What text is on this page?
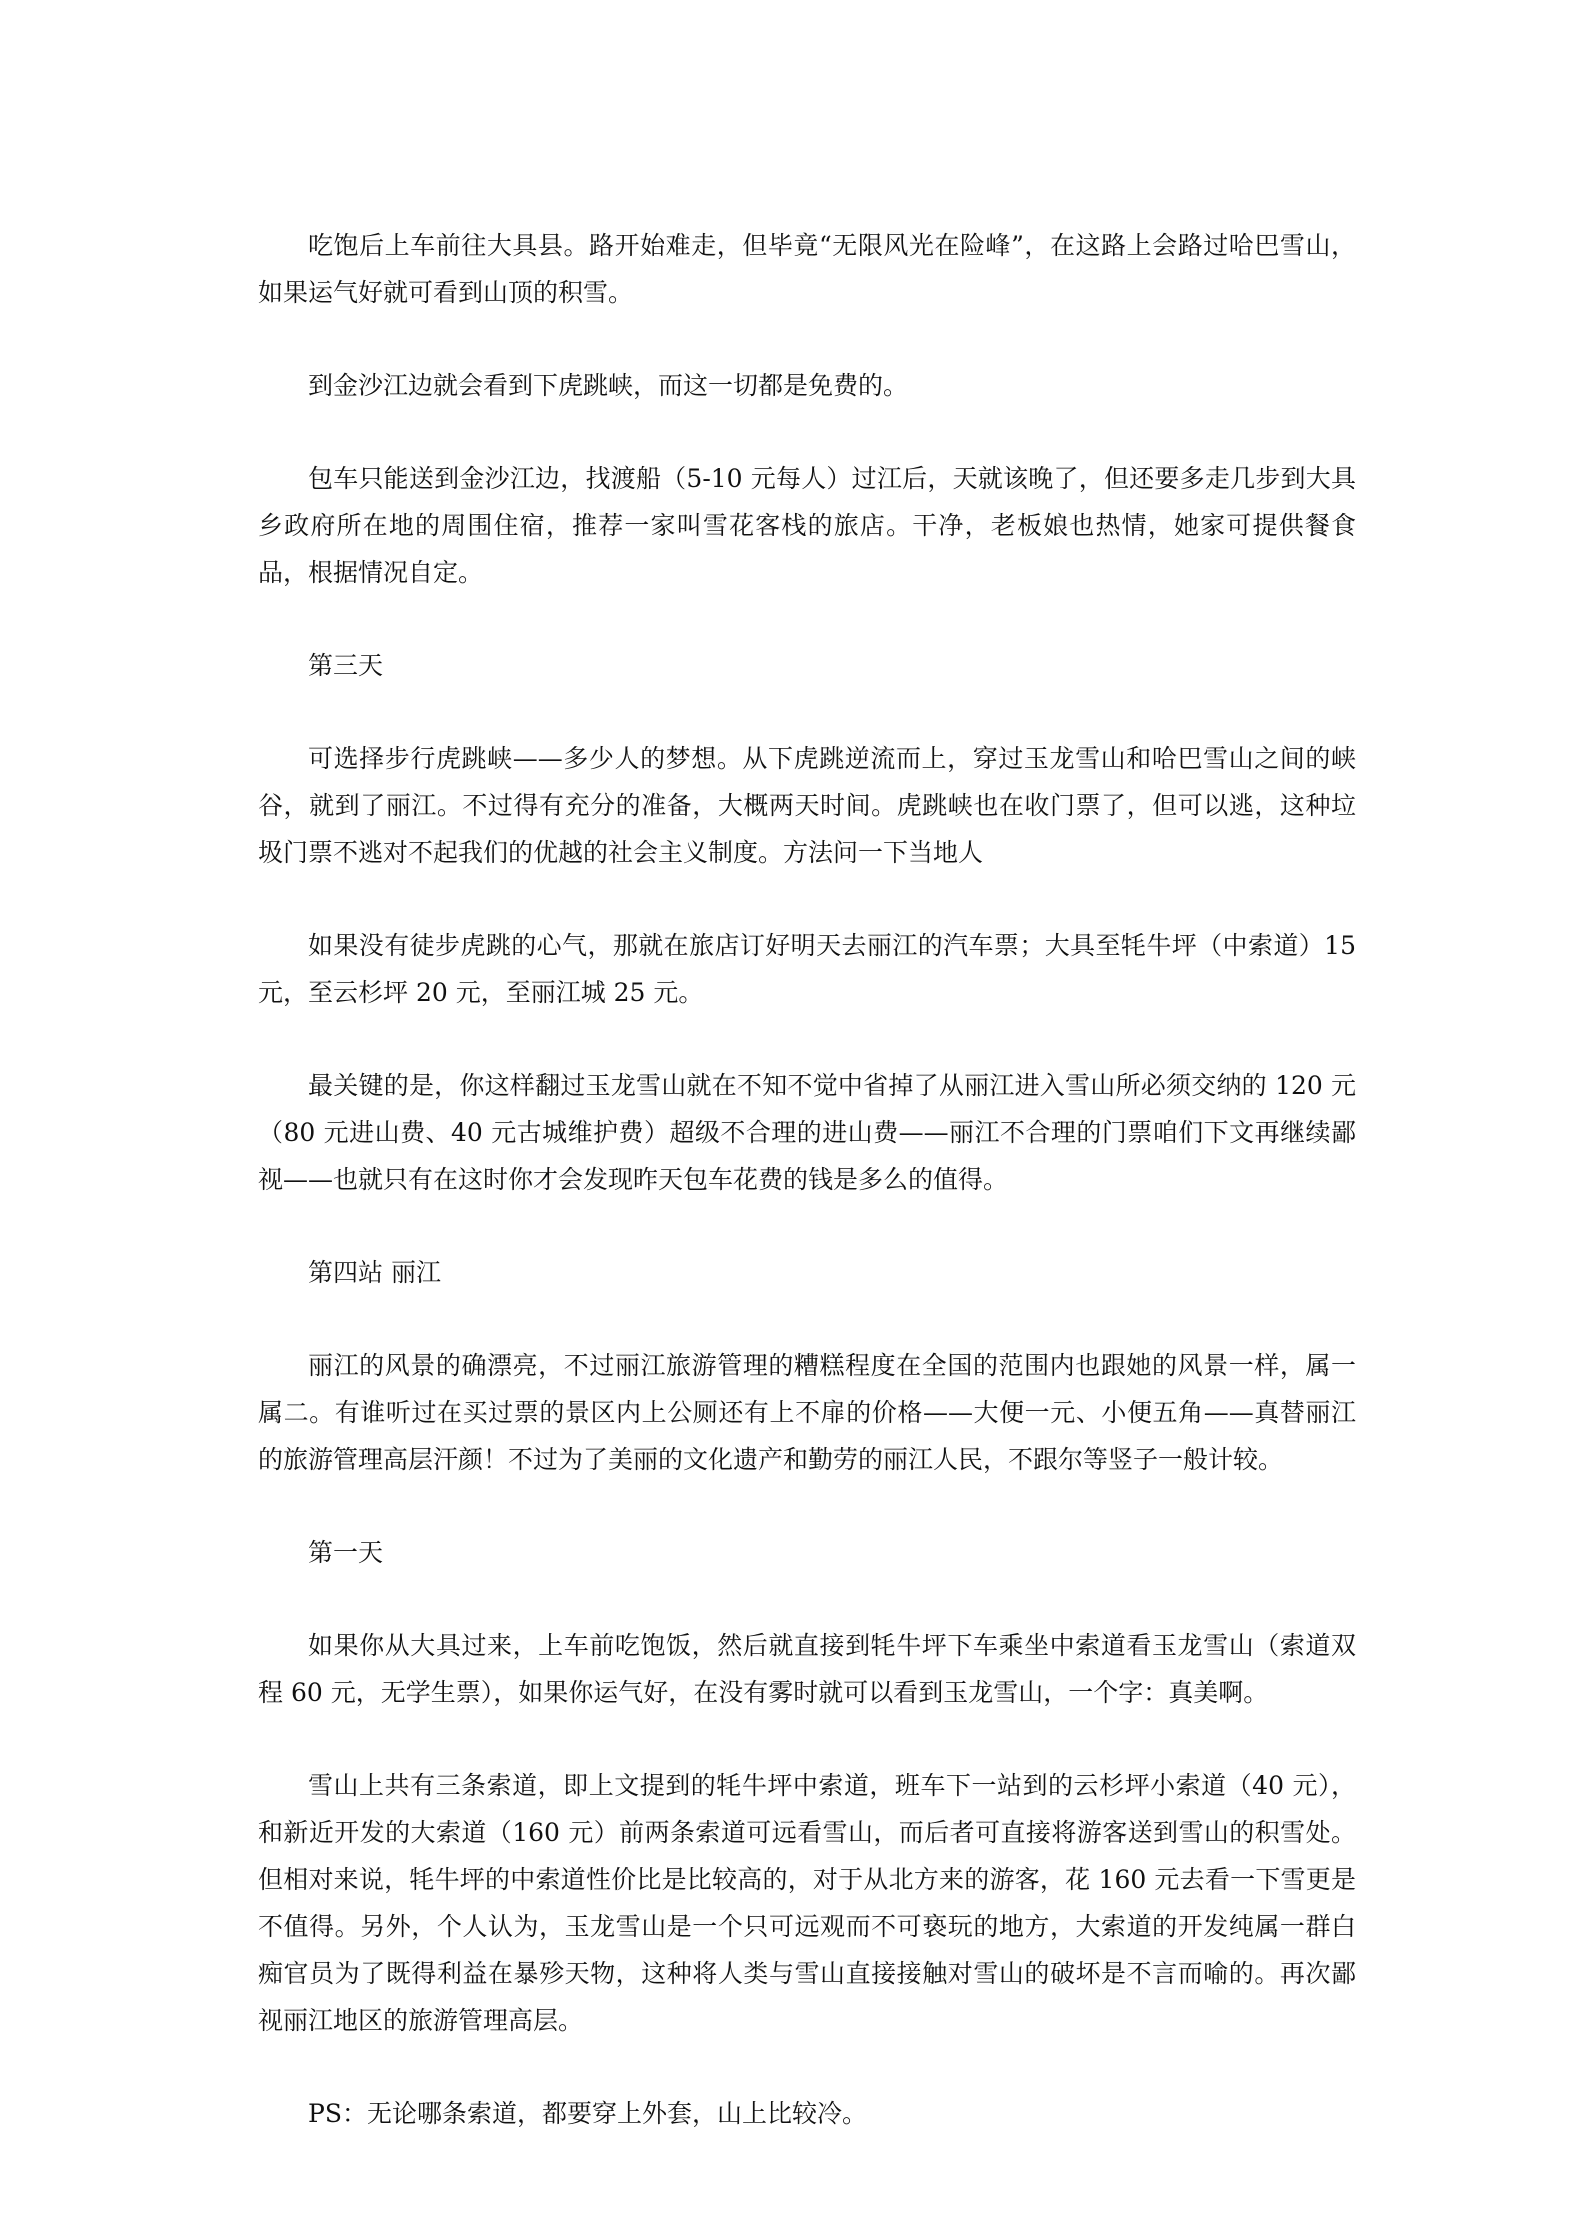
吃饱后上车前往大具县。路开始难走，但毕竟“无限风光在险峰”，在这路上会路过哈巴雪山，如果运气好就可看到山顶的积雪。

到金沙江边就会看到下虎跳峡，而这一切都是免费的。

包车只能送到金沙江边，找渡船（5-10 元每人）过江后，天就该晚了，但还要多走几步到大具乡政府所在地的周围住宿，推荐一家叫雪花客栈的旅店。干净，老板娘也热情，她家可提供餐食品，根据情况自定。

第三天

可选择步行虎跳峡——多少人的梦想。从下虎跳逆流而上，穿过玉龙雪山和哈巴雪山之间的峡谷，就到了丽江。不过得有充分的准备，大概两天时间。虎跳峡也在收门票了，但可以逃，这种垃圾门票不逃对不起我们的优越的社会主义制度。方法问一下当地人

如果没有徒步虎跳的心气，那就在旅店订好明天去丽江的汽车票；大具至牦牛坪（中索道）15 元，至云杉坪 20 元，至丽江城 25 元。

最关键的是，你这样翻过玉龙雪山就在不知不觉中省掉了从丽江进入雪山所必须交纳的 120 元（80 元进山费、40 元古城维护费）超级不合理的进山费——丽江不合理的门票咱们下文再继续鄙视——也就只有在这时你才会发现昨天包车花费的钱是多么的值得。

第四站 丽江

丽江的风景的确漂亮，不过丽江旅游管理的糟糕程度在全国的范围内也跟她的风景一样，属一属二。有谁听过在买过票的景区内上公厕还有上不扉的价格——大便一元、小便五角——真替丽江的旅游管理高层汗颜！不过为了美丽的文化遗产和勤劳的丽江人民，不跟尔等竖子一般计较。

第一天

如果你从大具过来，上车前吃饱饭，然后就直接到牦牛坪下车乘坐中索道看玉龙雪山（索道双程 60 元，无学生票），如果你运气好，在没有雾时就可以看到玉龙雪山，一个字：真美啊。

雪山上共有三条索道，即上文提到的牦牛坪中索道，班车下一站到的云杉坪小索道（40 元），和新近开发的大索道（160 元）前两条索道可远看雪山，而后者可直接将游客送到雪山的积雪处。但相对来说，牦牛坪的中索道性价比是比较高的，对于从北方来的游客，花 160 元去看一下雪更是不值得。另外，个人认为，玉龙雪山是一个只可远观而不可亵玩的地方，大索道的开发纯属一群白痴官员为了既得利益在暴殄天物，这种将人类与雪山直接接触对雪山的破坏是不言而喻的。再次鄙视丽江地区的旅游管理高层。

PS：无论哪条索道，都要穿上外套，山上比较冷。
